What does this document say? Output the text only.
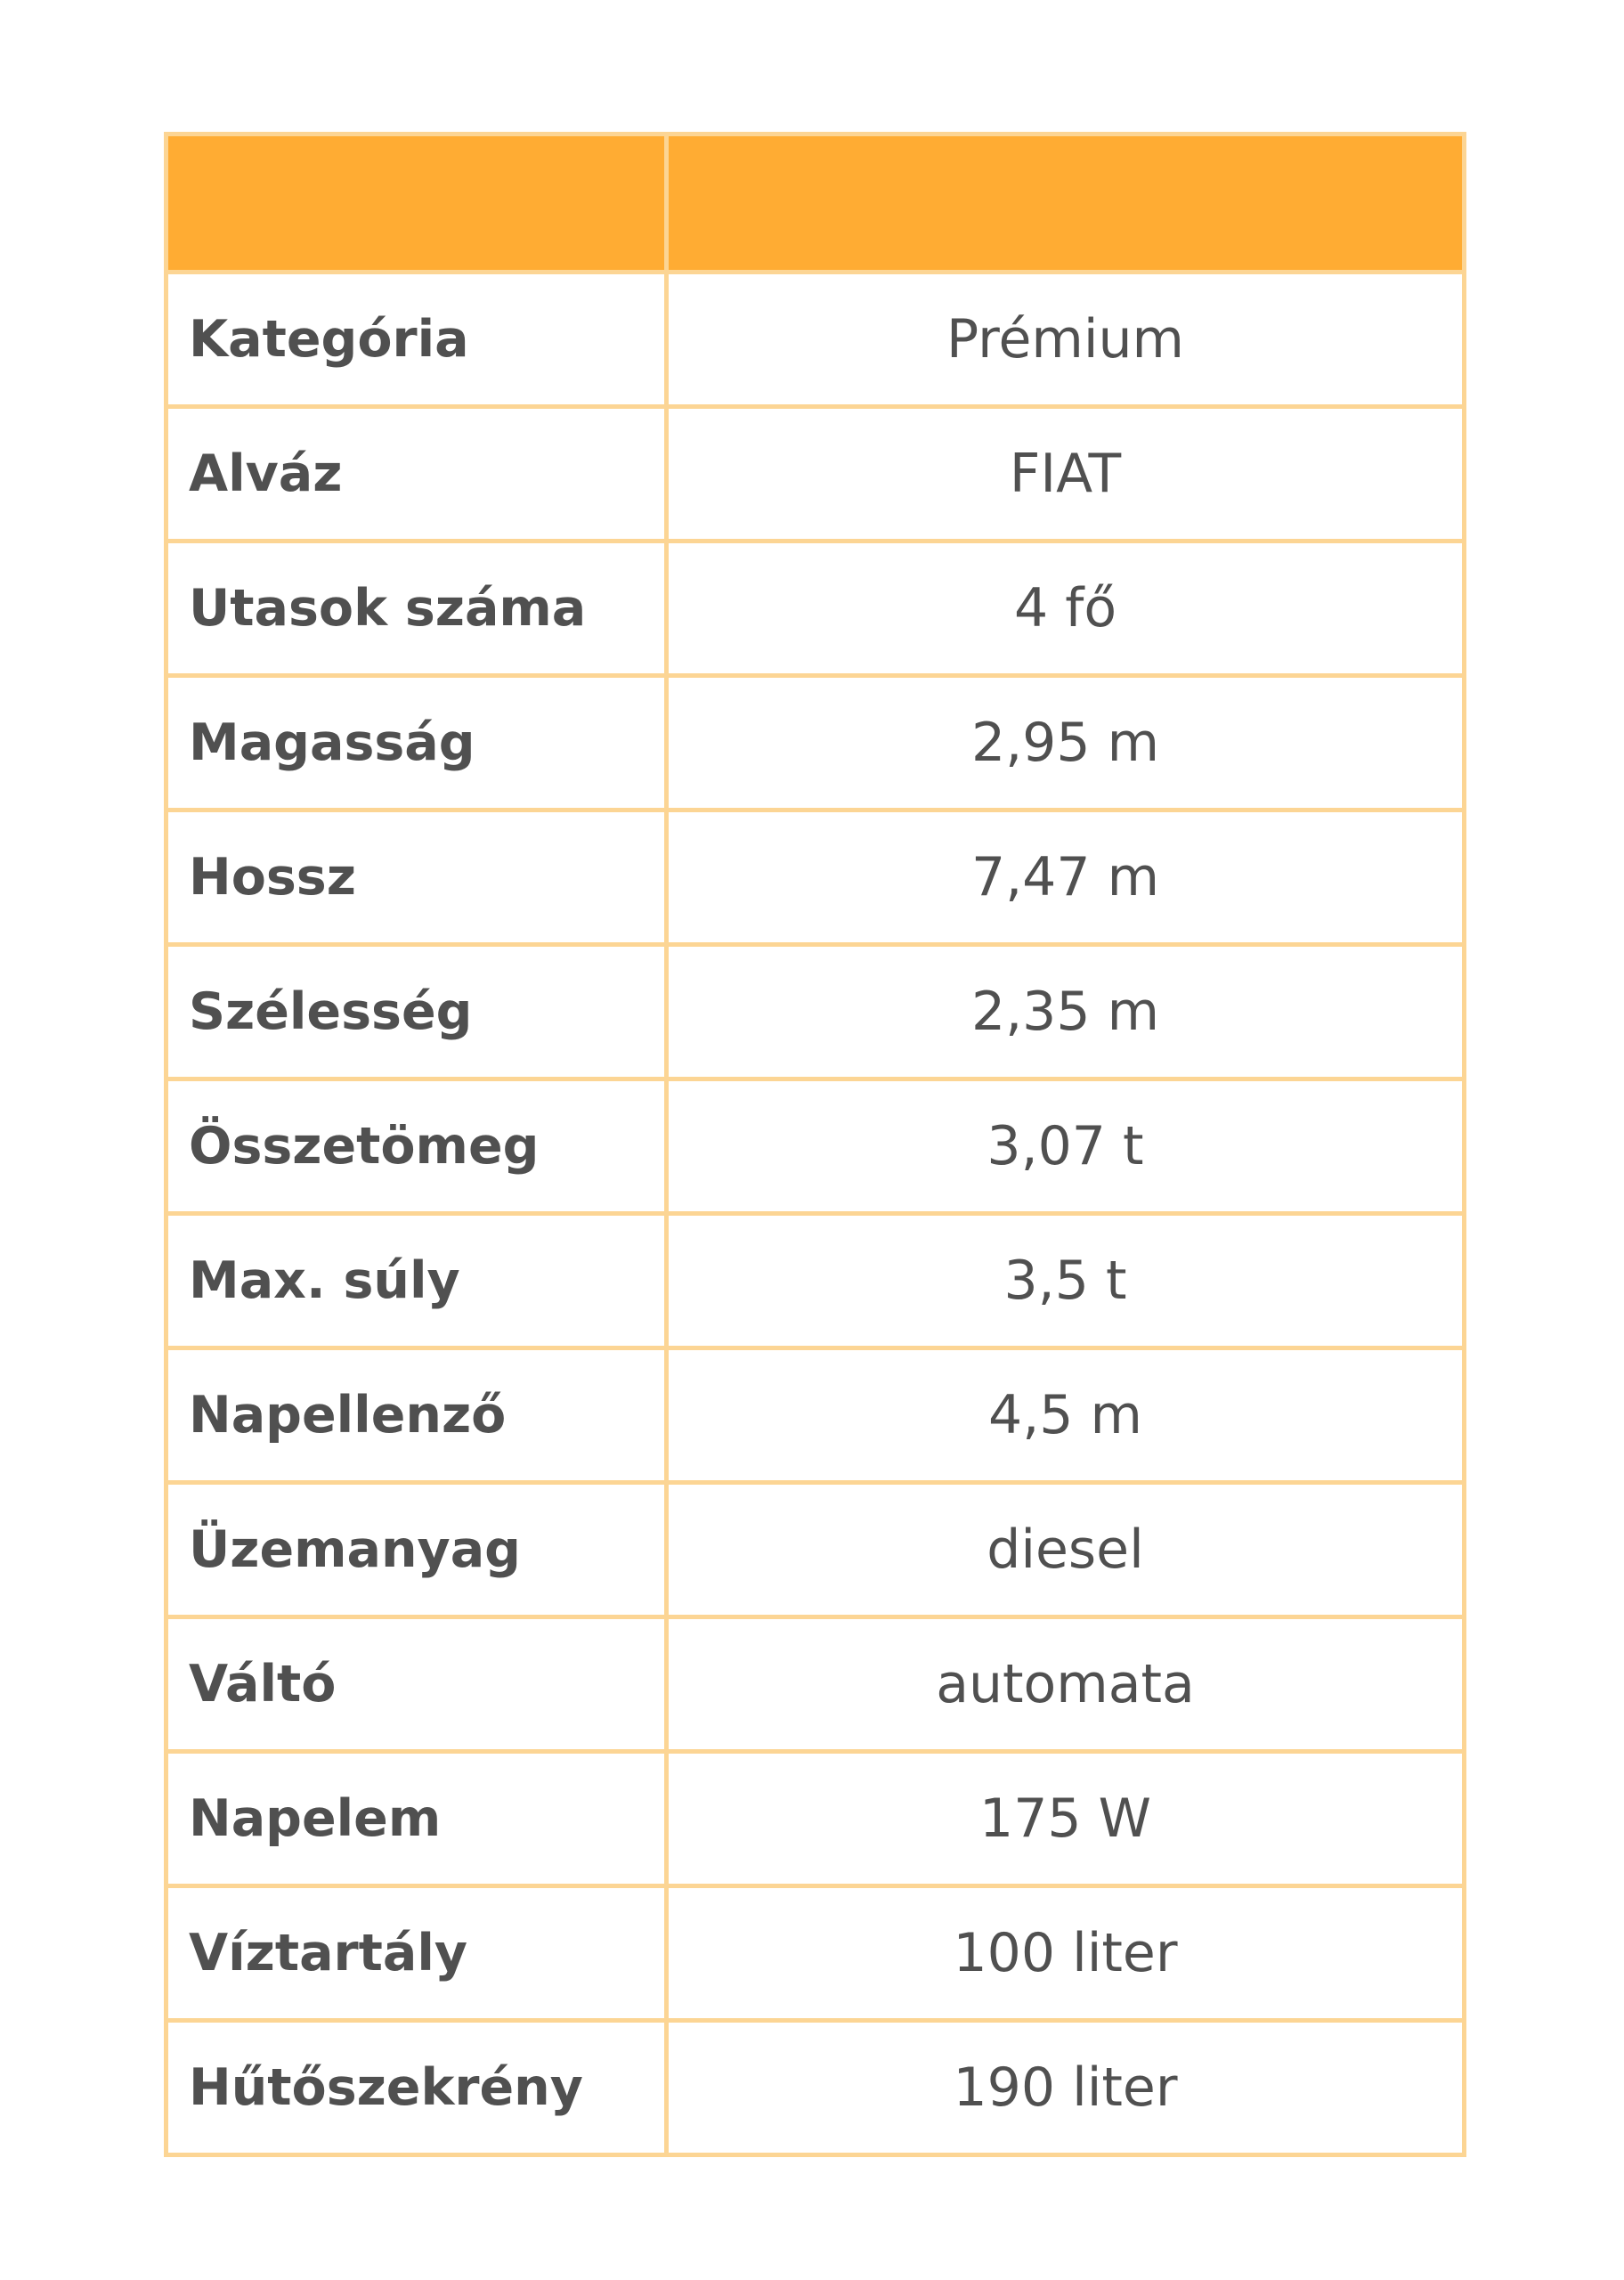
Kategória	Prémium
Alváz	FIAT
Utasok száma	4 fő
Magasság	2,95 m
Hossz	7,47 m
Szélesség	2,35 m
Összetömeg	3,07 t
Max. súly	3,5 t
Napellenző	4,5 m
Üzemanyag	diesel
Váltó	automata
Napelem	175 W
Víztartály	100 liter
Hűtőszekrény	190 liter
